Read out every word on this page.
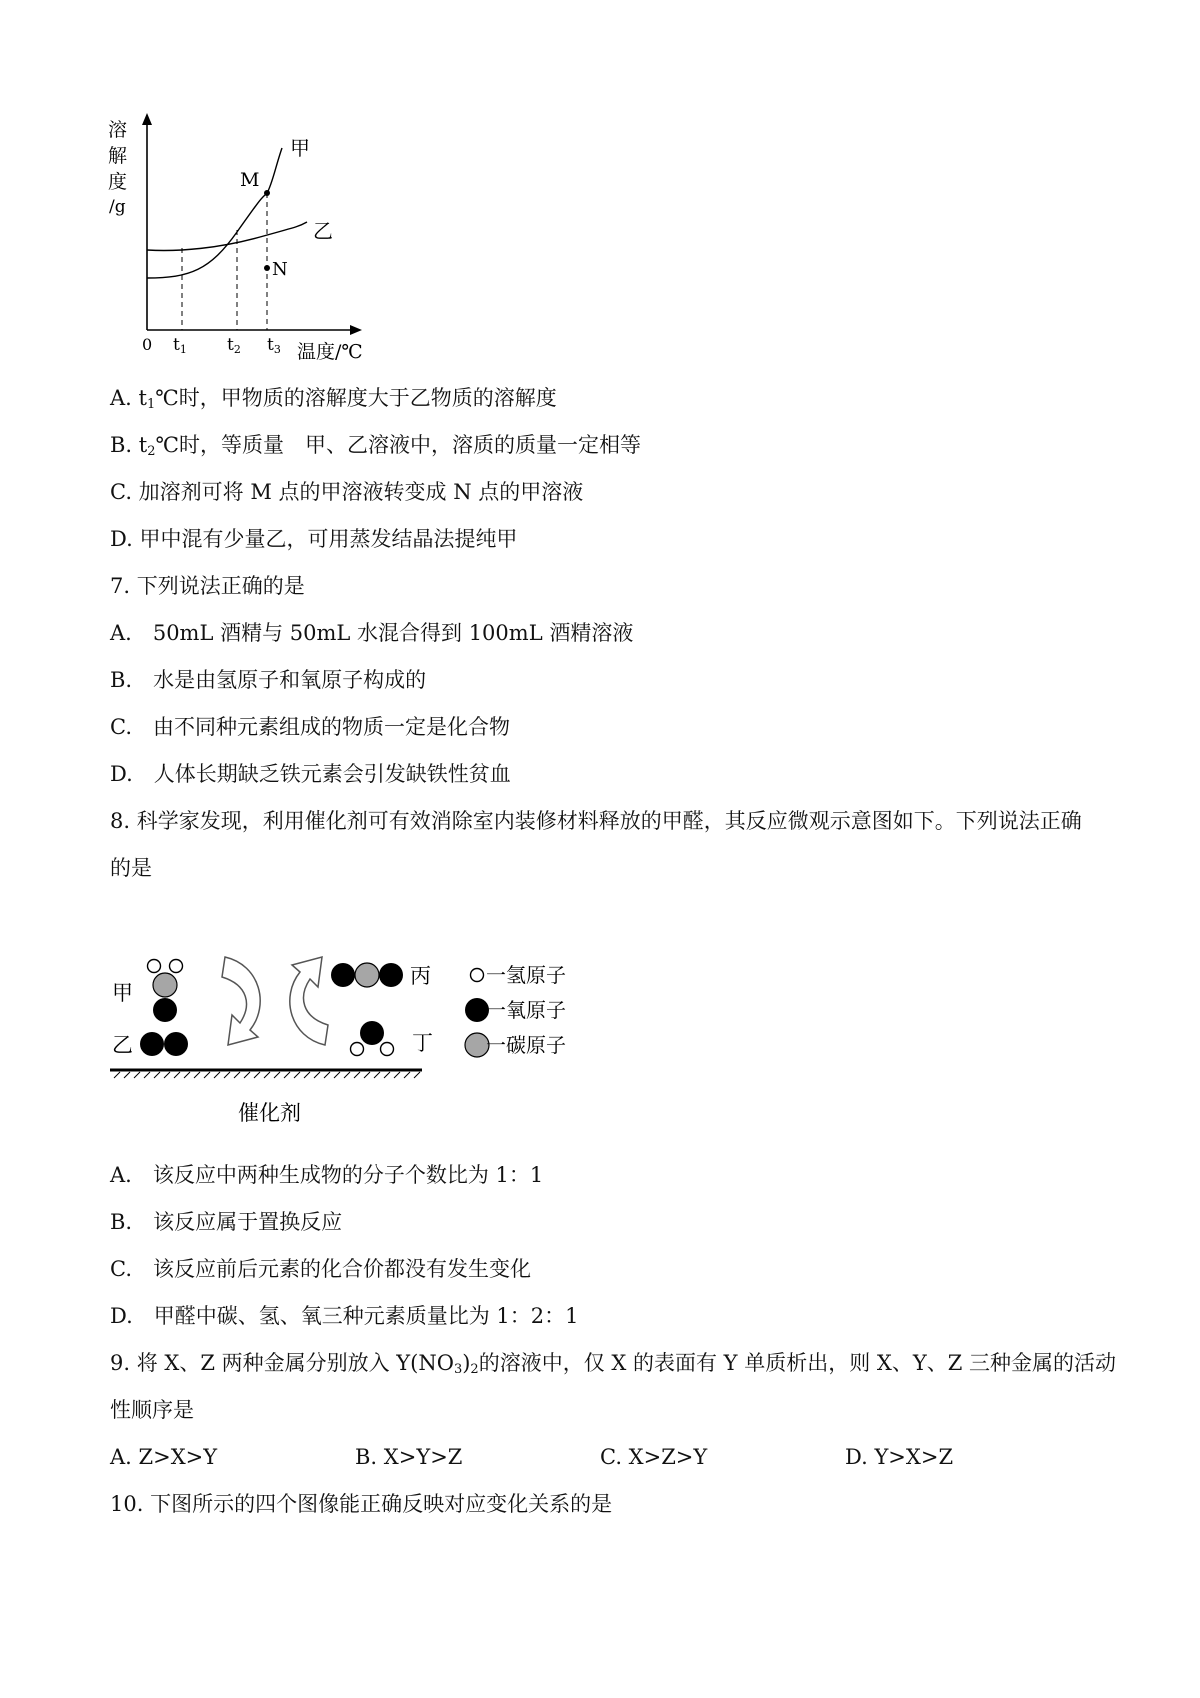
溶
解
度
/g
M
N
甲
乙
0 t1 t2 t3 温度/℃
A. $t_1℃$时，甲物质的溶解度大于乙物质的溶解度
B. $t_2℃$时，等质量　甲、乙溶液中，溶质的质量一定相等
C. 加溶剂可将 M 点的甲溶液转变成 N 点的甲溶液
D. 甲中混有少量乙，可用蒸发结晶法提纯甲
7. 下列说法正确的是
A.　50mL 酒精与 50mL 水混合得到 100mL 酒精溶液
B.　水是由氢原子和氧原子构成的
C.　由不同种元素组成的物质一定是化合物
D.　人体长期缺乏铁元素会引发缺铁性贫血
8. 科学家发现，利用催化剂可有效消除室内装修材料释放的甲醛，其反应微观示意图如下。下列说法正确
的是
甲
乙
丙
丁
催化剂
一氢原子
一氧原子
一碳原子
A.　该反应中两种生成物的分子个数比为 1：1
B.　该反应属于置换反应
C.　该反应前后元素的化合价都没有发生变化
D.　甲醛中碳、氢、氧三种元素质量比为 1：2：1
9. 将 X、Z 两种金属分别放入 $Y(NO_3)_2$的溶液中，仅 X 的表面有 Y 单质析出，则 X、Y、Z 三种金属的活动
性顺序是
A. Z>X>Y	B. X>Y>Z	C. X>Z>Y	D. Y>X>Z
10. 下图所示的四个图像能正确反映对应变化关系的是
